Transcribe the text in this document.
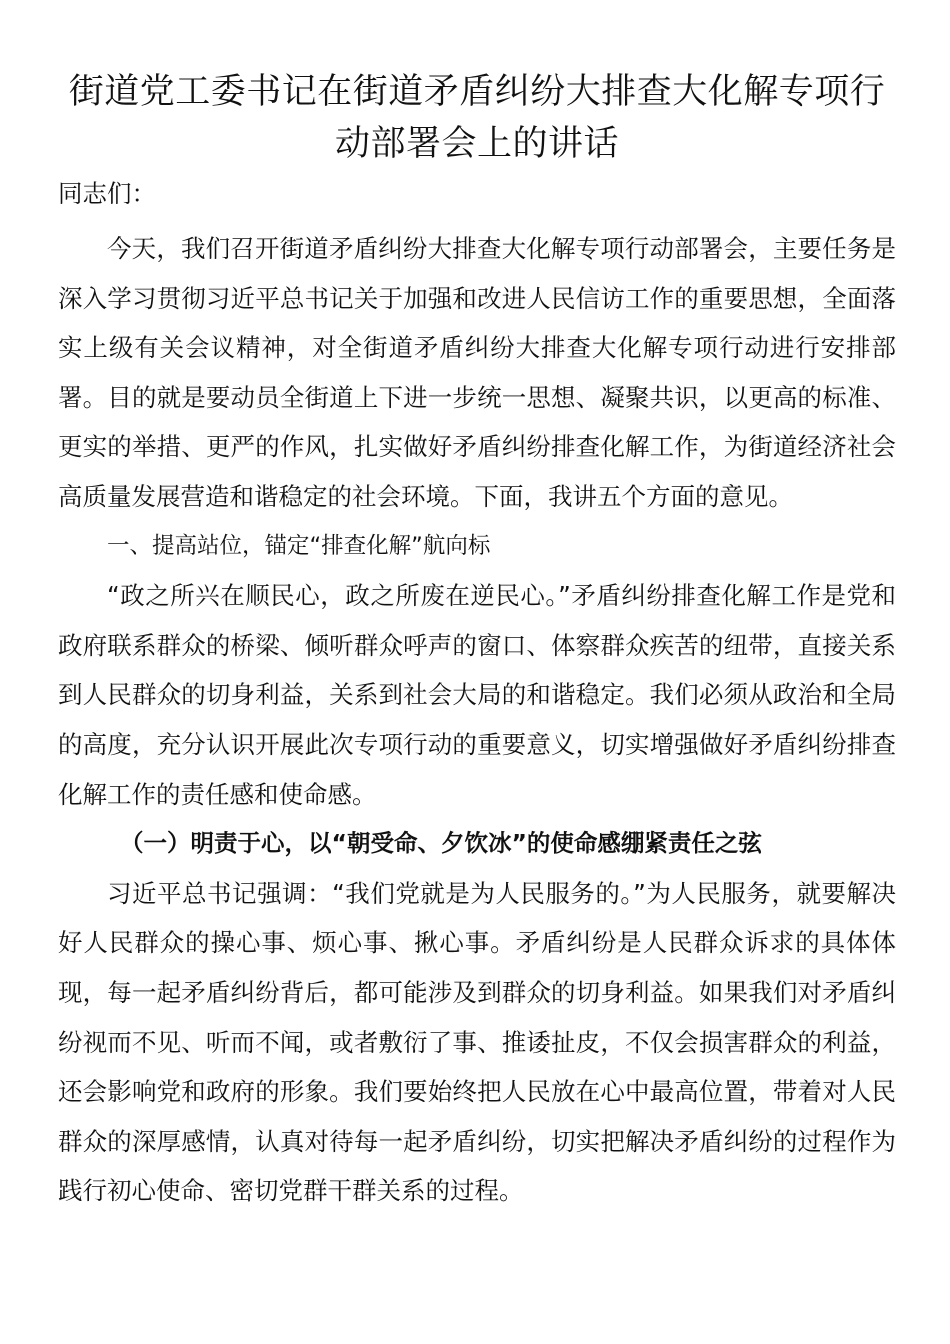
街道党工委书记在街道矛盾纠纷大排查大化解专项行动部署会上的讲话

同志们：

今天，我们召开街道矛盾纠纷大排查大化解专项行动部署会，主要任务是深入学习贯彻习近平总书记关于加强和改进人民信访工作的重要思想，全面落实上级有关会议精神，对全街道矛盾纠纷大排查大化解专项行动进行安排部署。目的就是要动员全街道上下进一步统一思想、凝聚共识，以更高的标准、更实的举措、更严的作风，扎实做好矛盾纠纷排查化解工作，为街道经济社会高质量发展营造和谐稳定的社会环境。下面，我讲五个方面的意见。

一、提高站位，锚定“排查化解”航向标

“政之所兴在顺民心，政之所废在逆民心。”矛盾纠纷排查化解工作是党和政府联系群众的桥梁、倾听群众呼声的窗口、体察群众疾苦的纽带，直接关系到人民群众的切身利益，关系到社会大局的和谐稳定。我们必须从政治和全局的高度，充分认识开展此次专项行动的重要意义，切实增强做好矛盾纠纷排查化解工作的责任感和使命感。

（一）明责于心，以“朝受命、夕饮冰”的使命感绷紧责任之弦

习近平总书记强调：“我们党就是为人民服务的。”为人民服务，就要解决好人民群众的操心事、烦心事、揪心事。矛盾纠纷是人民群众诉求的具体体现，每一起矛盾纠纷背后，都可能涉及到群众的切身利益。如果我们对矛盾纠纷视而不见、听而不闻，或者敷衍了事、推诿扯皮，不仅会损害群众的利益，还会影响党和政府的形象。我们要始终把人民放在心中最高位置，带着对人民群众的深厚感情，认真对待每一起矛盾纠纷，切实把解决矛盾纠纷的过程作为践行初心使命、密切党群干群关系的过程。
